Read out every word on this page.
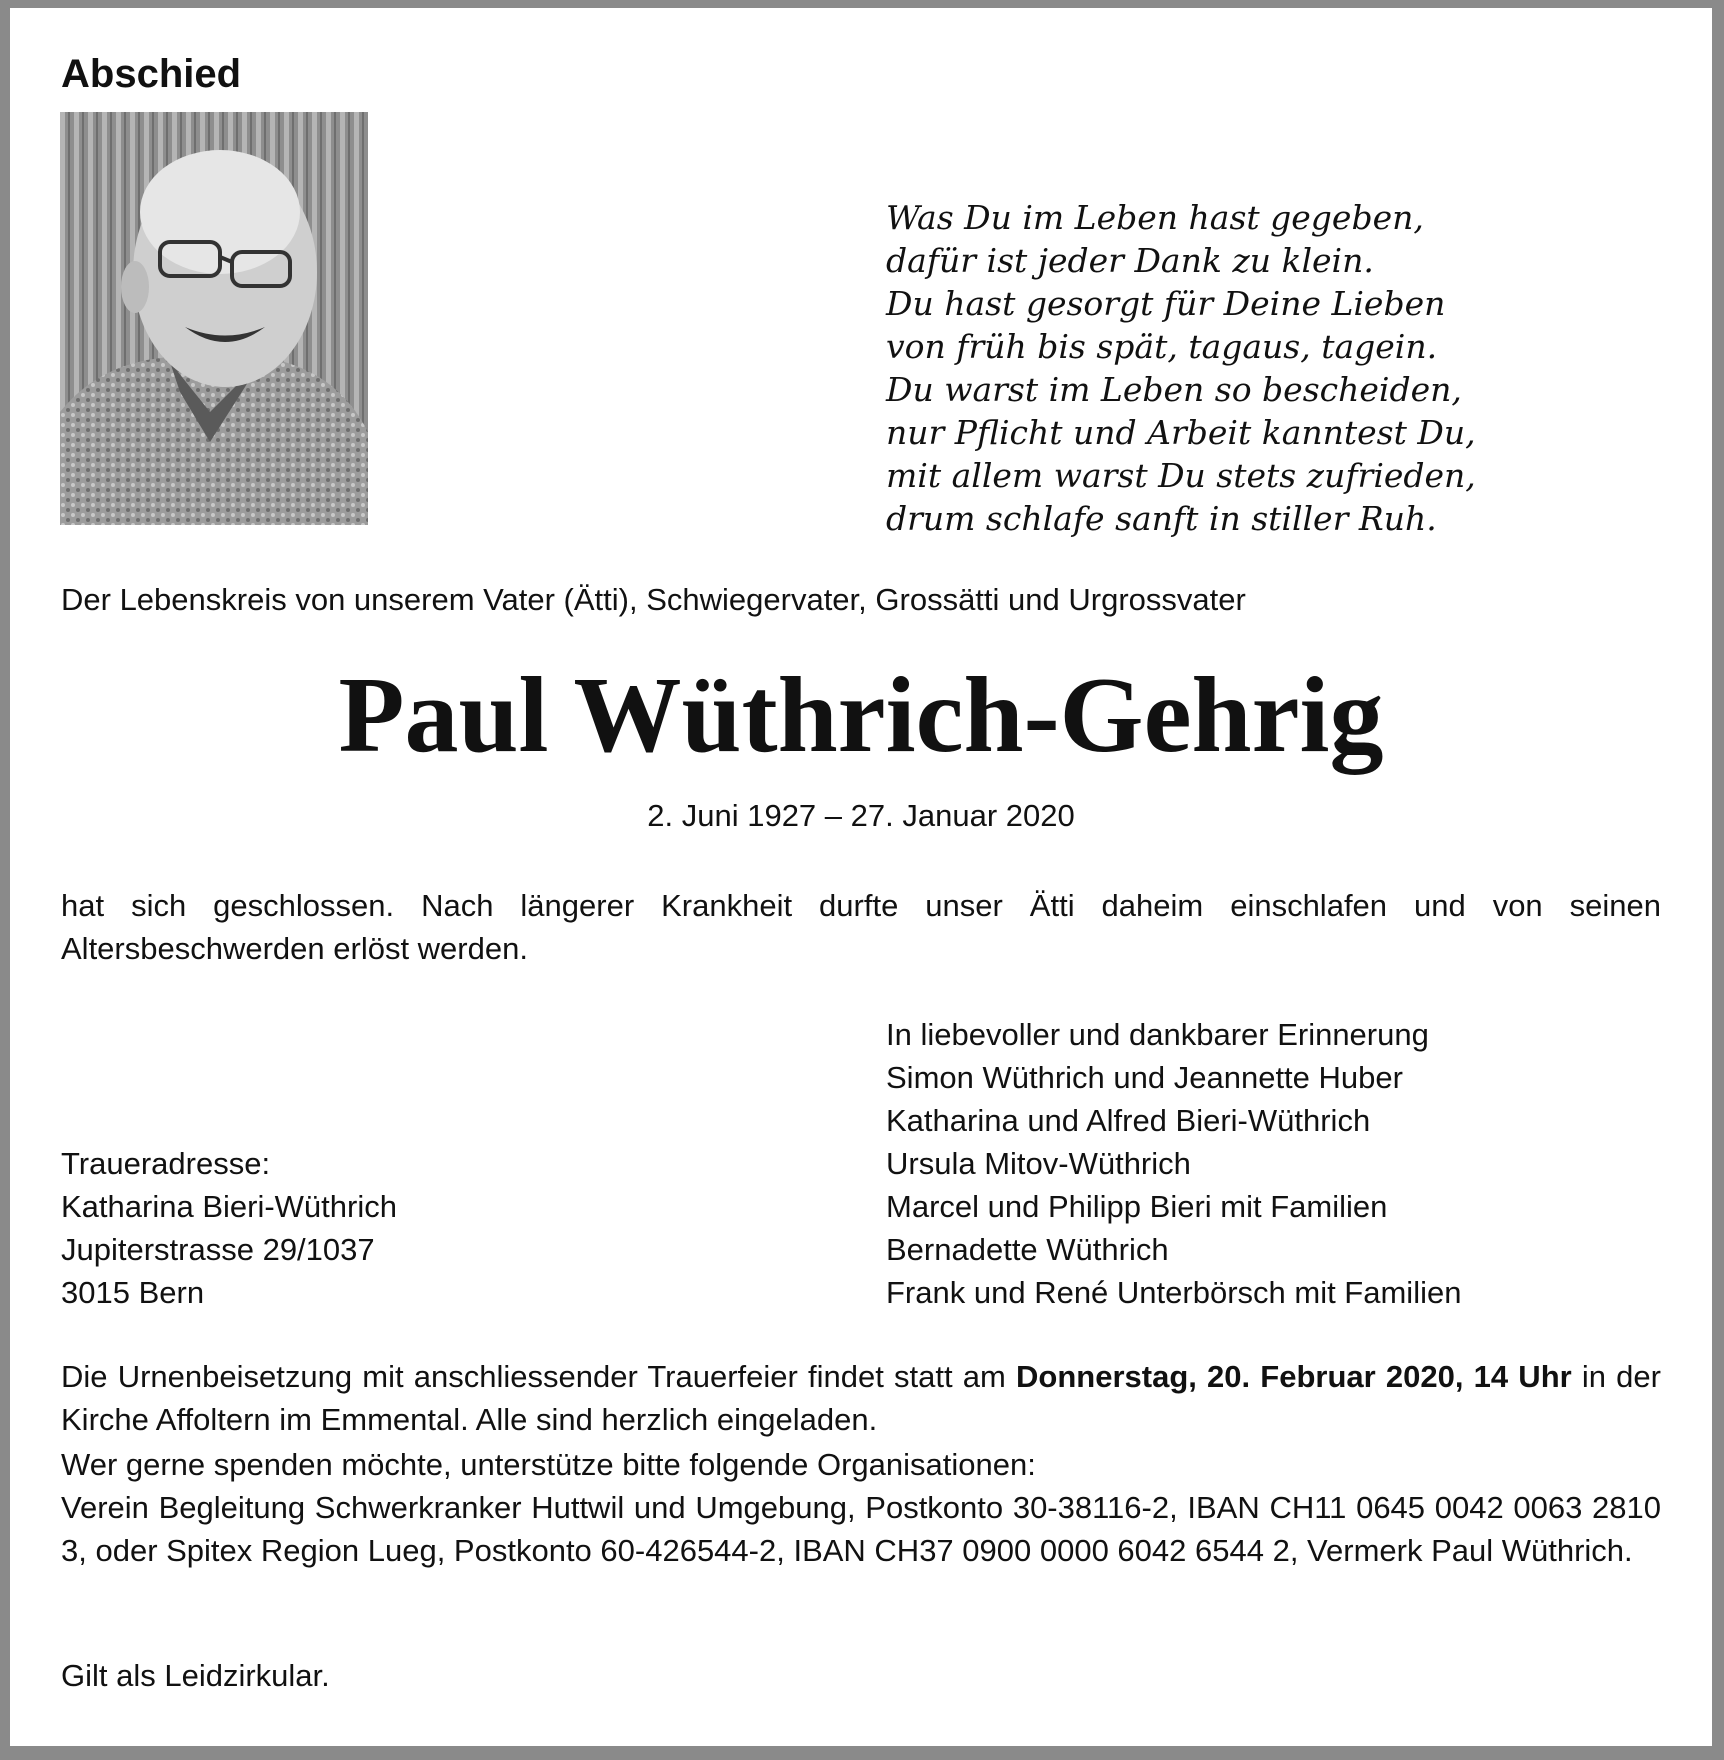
Abschied
Was Du im Leben hast gegeben,
dafür ist jeder Dank zu klein.
Du hast gesorgt für Deine Lieben
von früh bis spät, tagaus, tagein.
Du warst im Leben so bescheiden,
nur Pflicht und Arbeit kanntest Du,
mit allem warst Du stets zufrieden,
drum schlafe sanft in stiller Ruh.

Der Lebenskreis von unserem Vater (Ätti), Schwiegervater, Grossätti und Urgrossvater

Paul Wüthrich-Gehrig

2. Juni 1927 – 27. Januar 2020

hat sich geschlossen. Nach längerer Krankheit durfte unser Ätti daheim einschlafen und von seinen Altersbeschwerden erlöst werden.

In liebevoller und dankbarer Erinnerung
Simon Wüthrich und Jeannette Huber
Katharina und Alfred Bieri-Wüthrich
Ursula Mitov-Wüthrich
Marcel und Philipp Bieri mit Familien
Bernadette Wüthrich
Frank und René Unterbörsch mit Familien
Traueradresse:
Katharina Bieri-Wüthrich
Jupiterstrasse 29/1037
3015 Bern

Die Urnenbeisetzung mit anschliessender Trauerfeier findet statt am Donnerstag, 20. Februar 2020, 14 Uhr in der Kirche Affoltern im Emmental. Alle sind herzlich eingeladen.

Wer gerne spenden möchte, unterstütze bitte folgende Organisationen:
Verein Begleitung Schwerkranker Huttwil und Umgebung, Postkonto 30-38116-2, IBAN CH11 0645 0042 0063 2810 3, oder Spitex Region Lueg, Postkonto 60-426544-2, IBAN CH37 0900 0000 6042 6544 2, Vermerk Paul Wüthrich.

Gilt als Leidzirkular.
